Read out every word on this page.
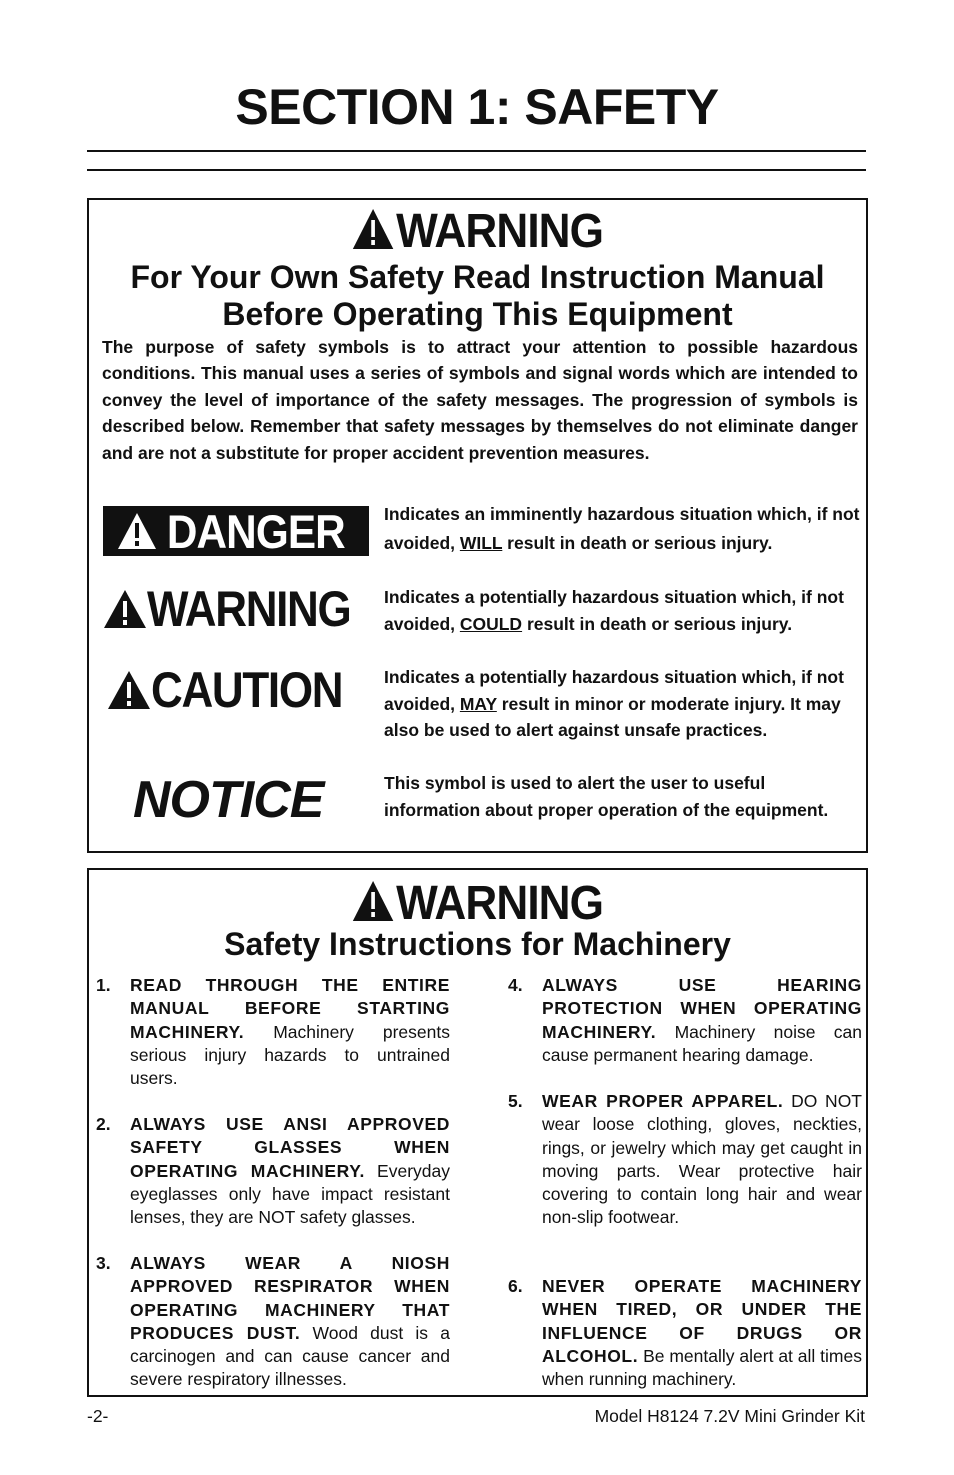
SECTION 1: SAFETY
WARNING
For Your Own Safety Read Instruction Manual
Before Operating This Equipment
The purpose of safety symbols is to attract your attention to possible hazardous conditions. This manual uses a series of symbols and signal words which are intended to convey the level of importance of the safety messages. The progression of symbols is described below. Remember that safety messages by themselves do not eliminate danger and are not a substitute for proper accident prevention measures.
DANGER
WARNING
CAUTION
NOTICE
Indicates an imminently hazardous situation which, if not avoided, WILL result in death or serious injury.
Indicates a potentially hazardous situation which, if not avoided, COULD result in death or serious injury.
Indicates a potentially hazardous situation which, if not avoided, MAY result in minor or moderate injury. It may also be used to alert against unsafe practices.
This symbol is used to alert the user to useful information about proper operation of the equipment.
WARNING
Safety Instructions for Machinery
1. READ THROUGH THE ENTIRE MANUAL BEFORE STARTING MACHINERY. Machinery presents serious injury hazards to untrained users.
2. ALWAYS USE ANSI APPROVED SAFETY GLASSES WHEN OPERATING MACHINERY. Everyday eyeglasses only have impact resistant lenses, they are NOT safety glasses.
3. ALWAYS WEAR A NIOSH APPROVED RESPIRATOR WHEN OPERATING MACHINERY THAT PRODUCES DUST. Wood dust is a carcinogen and can cause cancer and severe respiratory illnesses.
4. ALWAYS USE HEARING PROTECTION WHEN OPERATING MACHINERY. Machinery noise can cause permanent hearing damage.
5. WEAR PROPER APPAREL. DO NOT wear loose clothing, gloves, neckties, rings, or jewelry which may get caught in moving parts. Wear protective hair covering to contain long hair and wear non-slip footwear.
6. NEVER OPERATE MACHINERY WHEN TIRED, OR UNDER THE INFLUENCE OF DRUGS OR ALCOHOL. Be mentally alert at all times when running machinery.
-2-	Model H8124 7.2V Mini Grinder Kit
